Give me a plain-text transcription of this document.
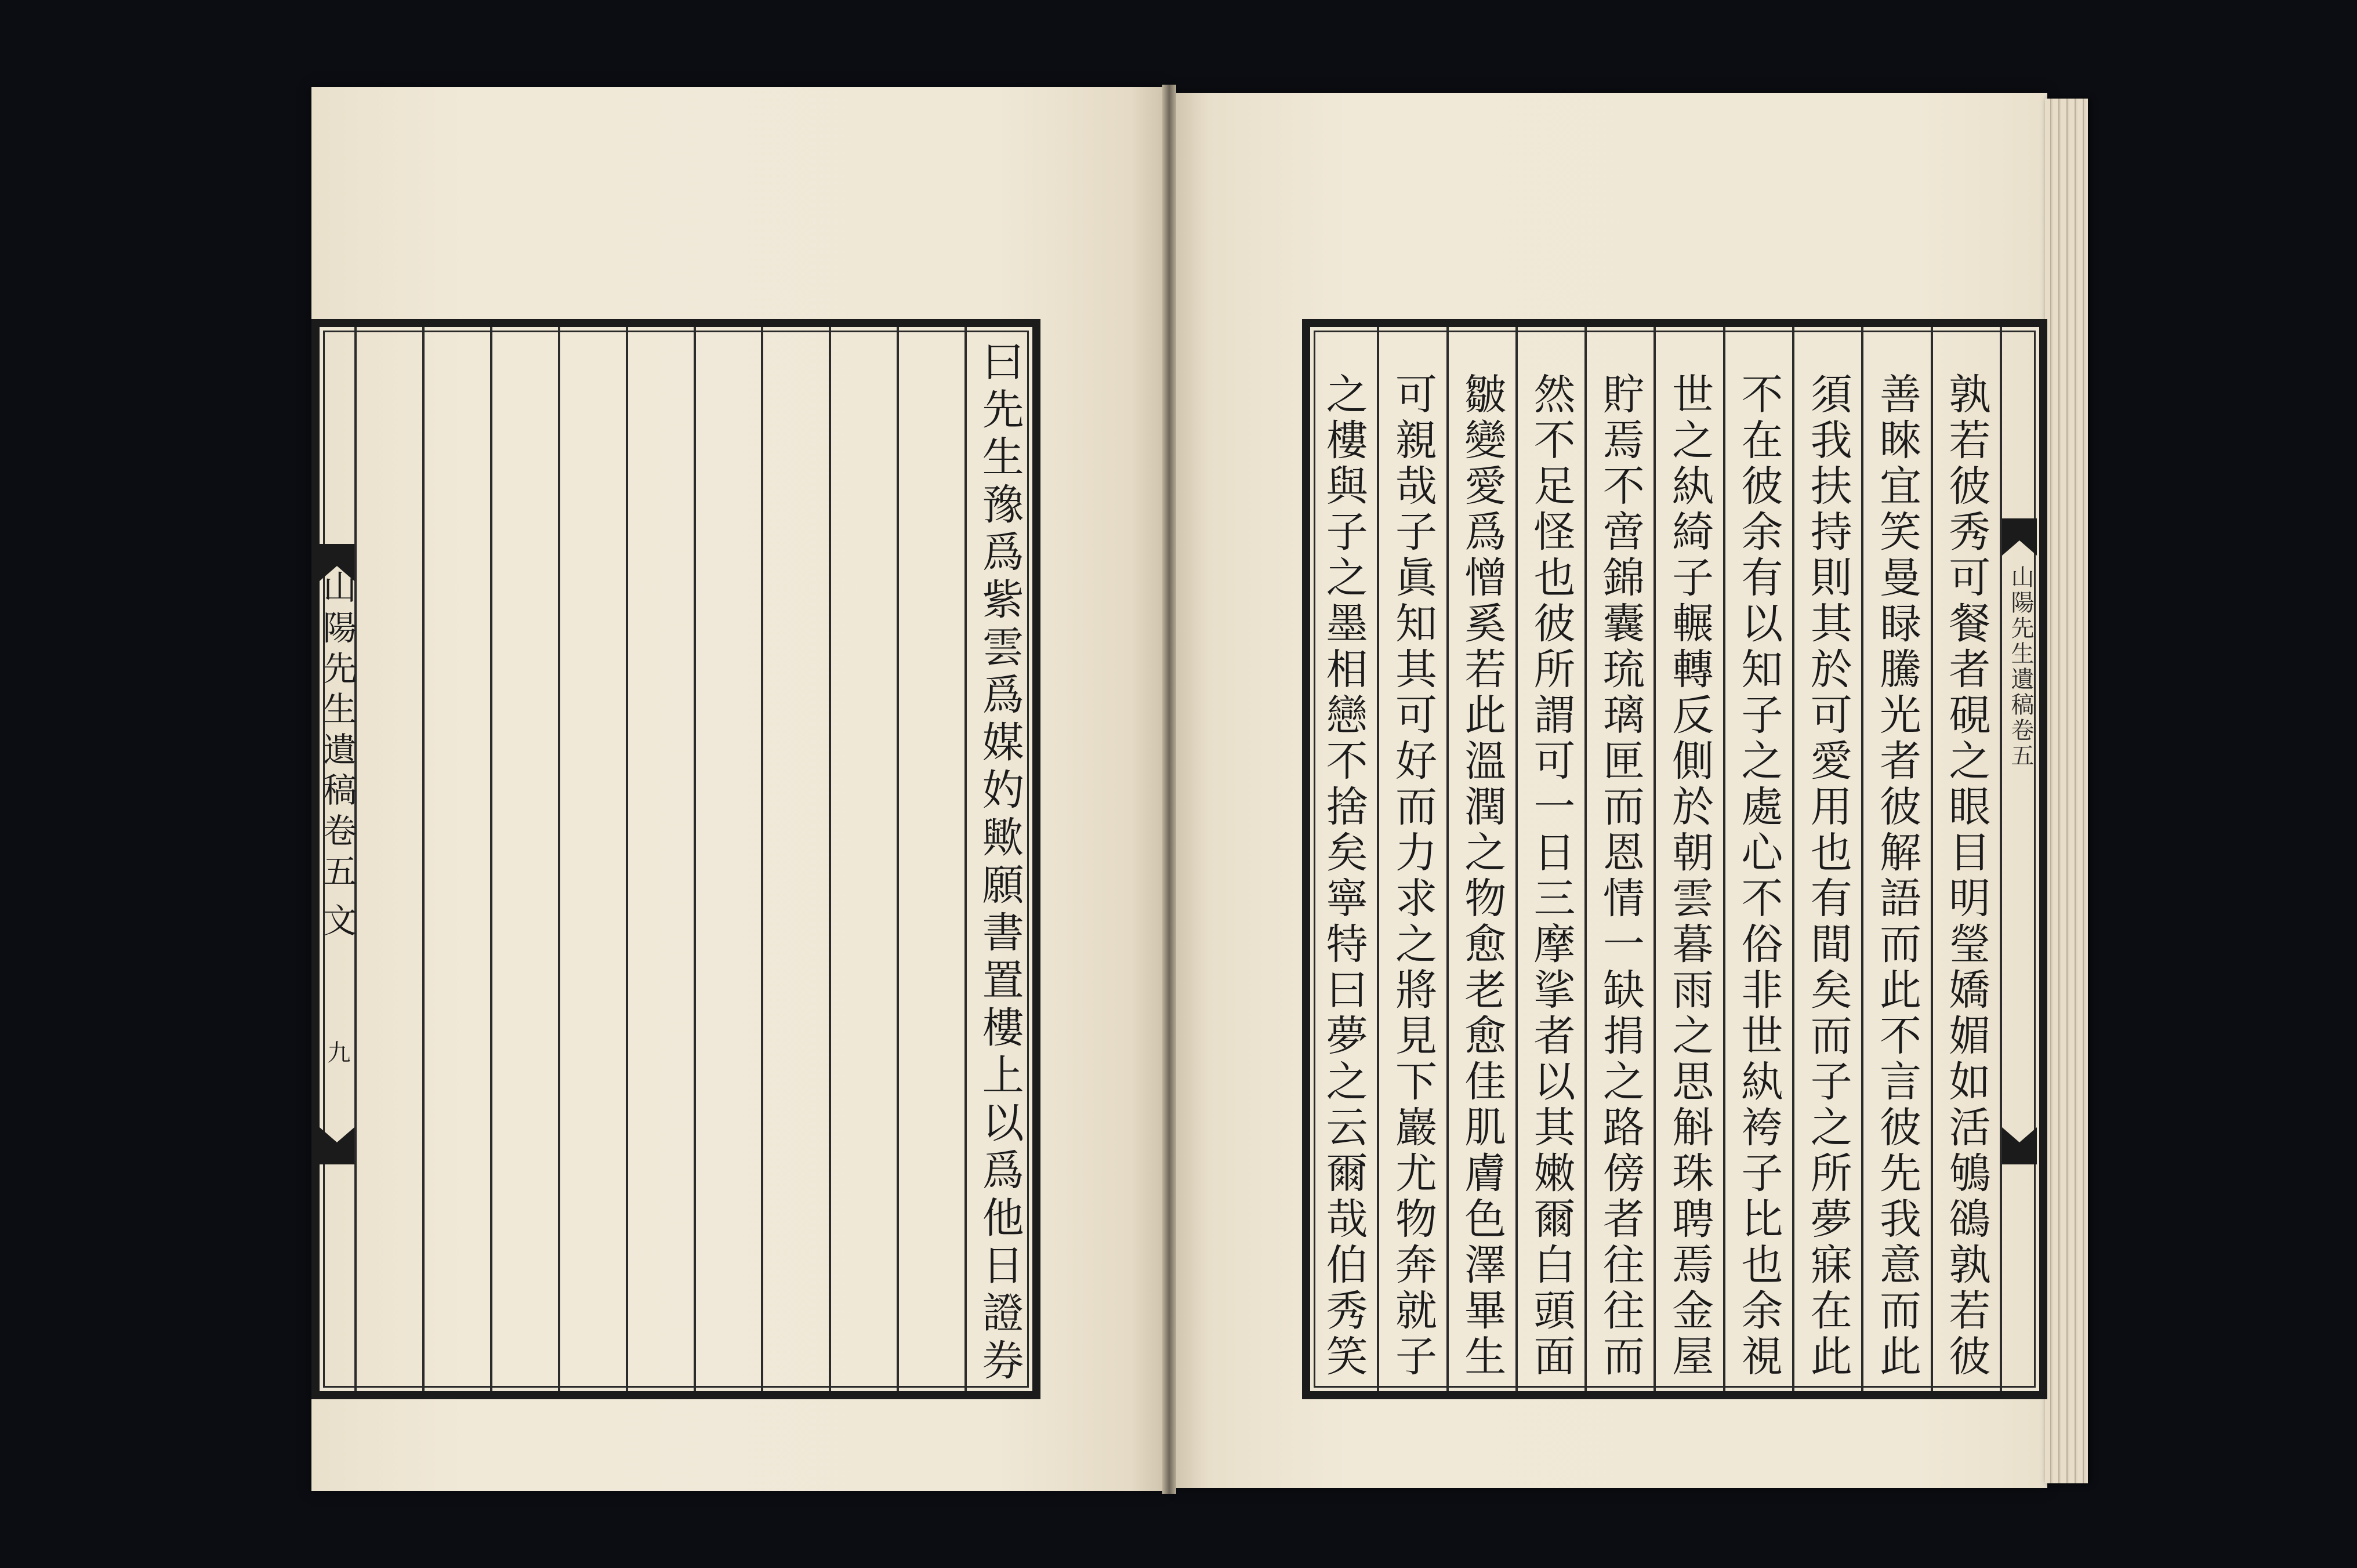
山陽先生遺稿卷五
文
九	曰先生豫爲紫雲爲媒妁歟願書置樓上以爲他日證券	之樓與子之墨相戀不捨矣寧特曰夢之云爾哉伯秀笑 可親哉子眞知其可好而力求之將見下巖尤物奔就子 皺變愛爲憎奚若此溫潤之物愈老愈佳肌膚色澤畢生 然不足怪也彼所謂可一日三摩挲者以其嫩爾白頭面 貯焉不啻錦囊琉璃匣而恩情一缺捐之路傍者往往而 世之紈綺子輾轉反側於朝雲暮雨之思斛珠聘焉金屋 不在彼余有以知子之處心不俗非世紈袴子比也余視 須我扶持則其於可愛用也有間矣而子之所夢寐在此 善睞宜笑曼睩騰光者彼解語而此不言彼先我意而此 孰若彼秀可餐者硯之眼目明瑩嬌媚如活鴝鵒孰若彼 山陽先生遺稿卷五
